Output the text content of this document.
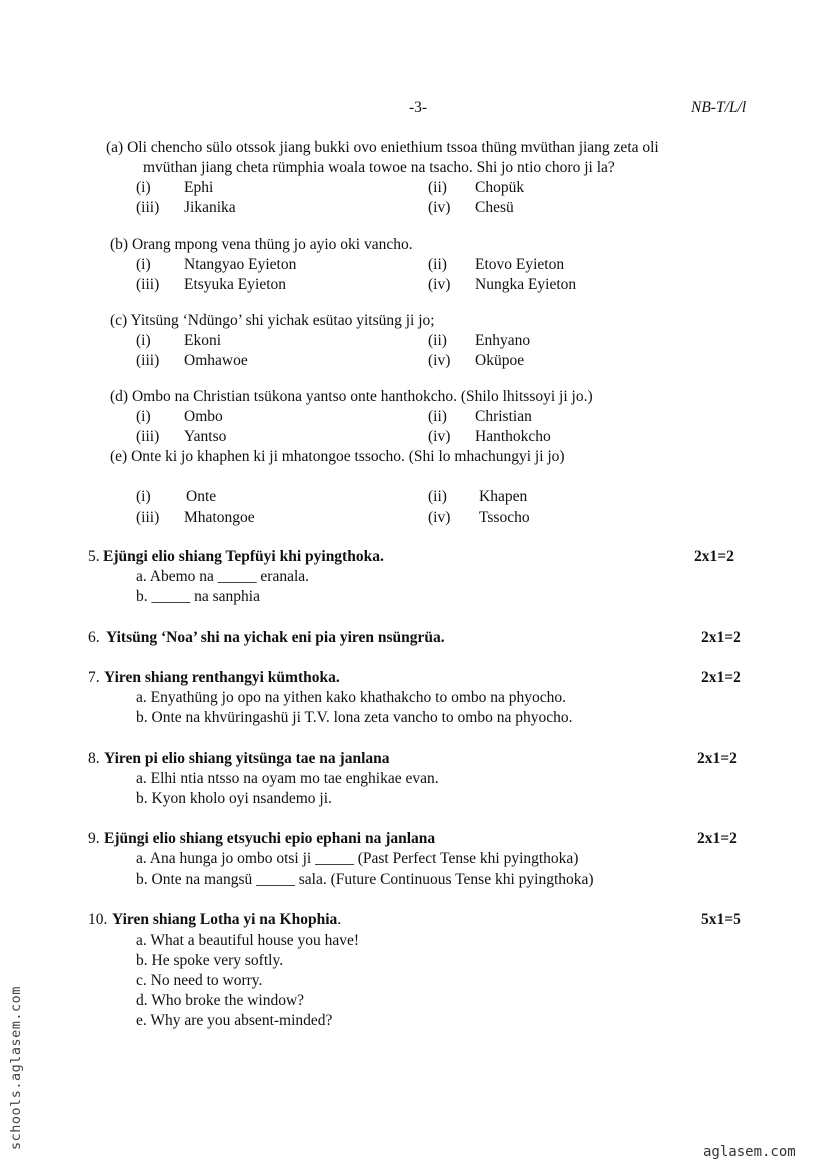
-3-	NB-T/L/l
(a) Oli chencho sülo otssok jiang bukki ovo eniethium tssoa thüng mvüthan jiang zeta oli
mvüthan jiang cheta rümphia woala towoe na tsacho. Shi jo ntio choro ji la?
(i) Ephi	(ii) Chopük
(iii) Jikanika	(iv) Chesü
(b) Orang mpong vena thüng jo ayio oki vancho.
(i) Ntangyao Eyieton	(ii) Etovo Eyieton
(iii) Etsyuka Eyieton	(iv) Nungka Eyieton
(c) Yitsüng ‘Ndüngo’ shi yichak esütao yitsüng ji jo;
(i) Ekoni	(ii) Enhyano
(iii) Omhawoe	(iv) Oküpoe
(d) Ombo na Christian tsükona yantso onte hanthokcho. (Shilo lhitssoyi ji jo.)
(i) Ombo	(ii) Christian
(iii) Yantso	(iv) Hanthokcho
(e) Onte ki jo khaphen ki ji mhatongoe tssocho. (Shi lo mhachungyi ji jo)
(i) Onte	(ii) Khapen
(iii) Mhatongoe	(iv) Tssocho
5. Ejüngi elio shiang Tepfüyi khi pyingthoka.	2x1=2
a. Abemo na _____ eranala.
b. _____ na sanphia
6. Yitsüng ‘Noa’ shi na yichak eni pia yiren nsüngrüa.	2x1=2
7. Yiren shiang renthangyi kümthoka.	2x1=2
a. Enyathüng jo opo na yithen kako khathakcho to ombo na phyocho.
b. Onte na khvüringashü ji T.V. lona zeta vancho to ombo na phyocho.
8. Yiren pi elio shiang yitsünga tae na janlana	2x1=2
a. Elhi ntia ntsso na oyam mo tae enghikae evan.
b. Kyon kholo oyi nsandemo ji.
9. Ejüngi elio shiang etsyuchi epio ephani na janlana	2x1=2
a. Ana hunga jo ombo otsi ji _____ (Past Perfect Tense khi pyingthoka)
b. Onte na mangsü _____ sala. (Future Continuous Tense khi pyingthoka)
10. Yiren shiang Lotha yi na Khophia.	5x1=5
a. What a beautiful house you have!
b. He spoke very softly.
c. No need to worry.
d. Who broke the window?
e. Why are you absent-minded?
schools.aglasem.com
aglasem.com
